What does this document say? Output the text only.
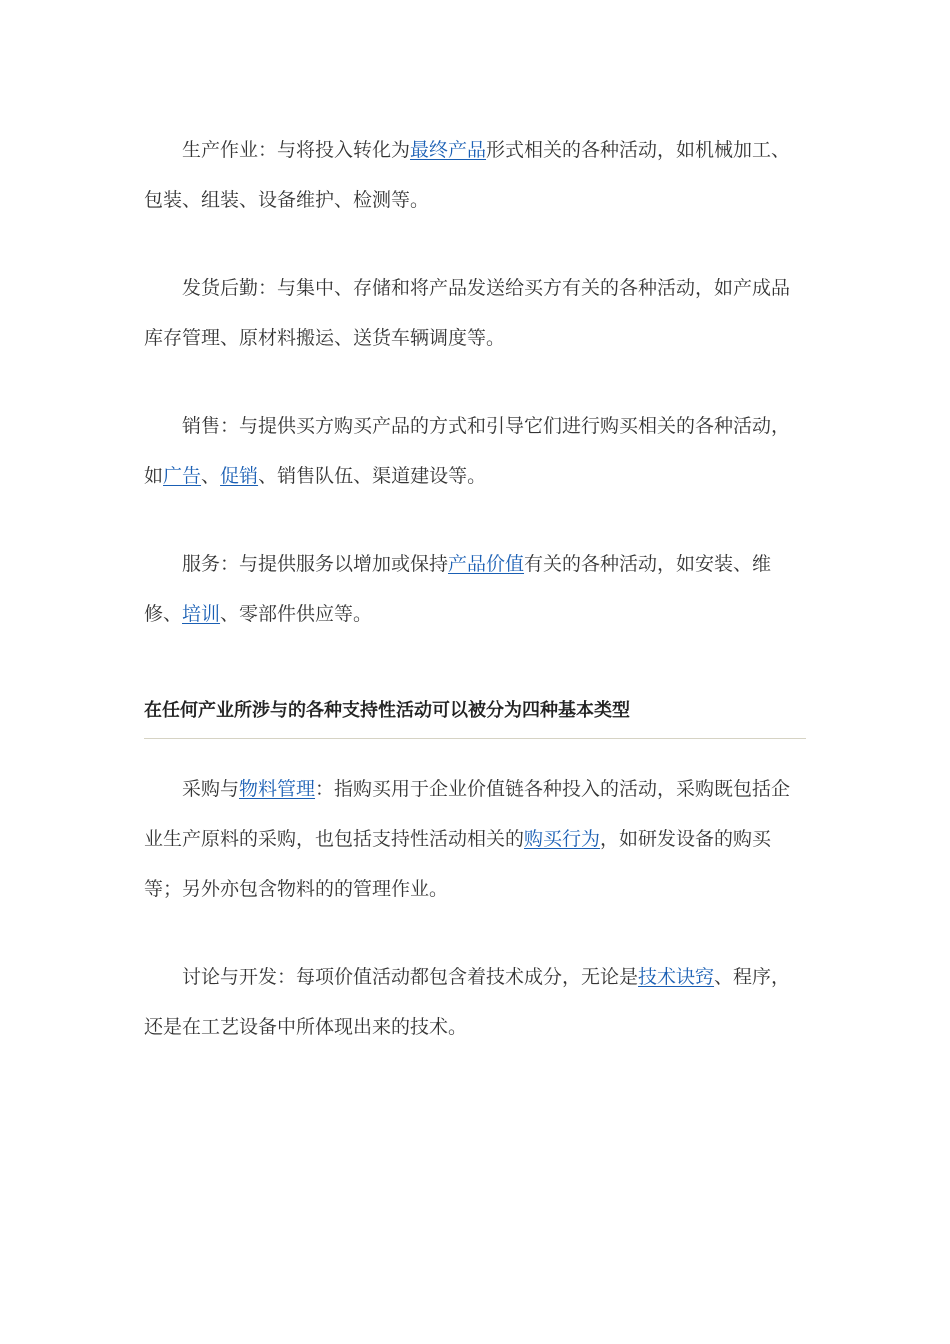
生产作业：与将投入转化为最终产品形式相关的各种活动，如机械加工、包装、组装、设备维护、检测等。

发货后勤：与集中、存储和将产品发送给买方有关的各种活动，如产成品库存管理、原材料搬运、送货车辆调度等。

销售：与提供买方购买产品的方式和引导它们进行购买相关的各种活动，如广告、促销、销售队伍、渠道建设等。

服务：与提供服务以增加或保持产品价值有关的各种活动，如安装、维修、培训、零部件供应等。

在任何产业所涉与的各种支持性活动可以被分为四种基本类型

采购与物料管理：指购买用于企业价值链各种投入的活动，采购既包括企业生产原料的采购，也包括支持性活动相关的购买行为，如研发设备的购买等；另外亦包含物料的的管理作业。

讨论与开发：每项价值活动都包含着技术成分，无论是技术诀窍、程序，还是在工艺设备中所体现出来的技术。
